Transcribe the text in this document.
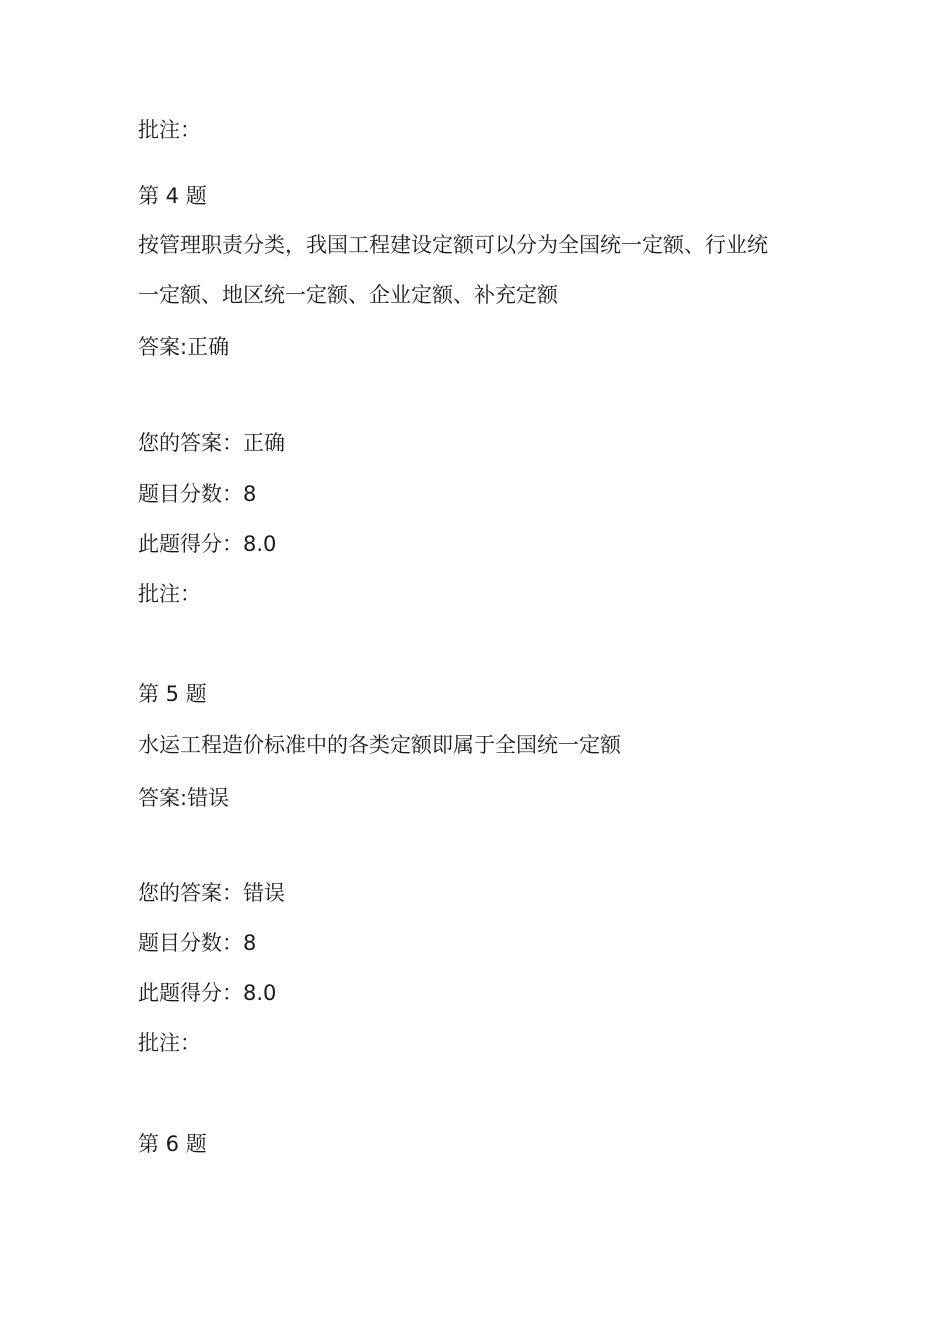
批注：
第 4 题
按管理职责分类，我国工程建设定额可以分为全国统一定额、行业统
一定额、地区统一定额、企业定额、补充定额
答案:正确
您的答案：正确
题目分数：8
此题得分：8.0
批注：
第 5 题
水运工程造价标准中的各类定额即属于全国统一定额
答案:错误
您的答案：错误
题目分数：8
此题得分：8.0
批注：
第 6 题
